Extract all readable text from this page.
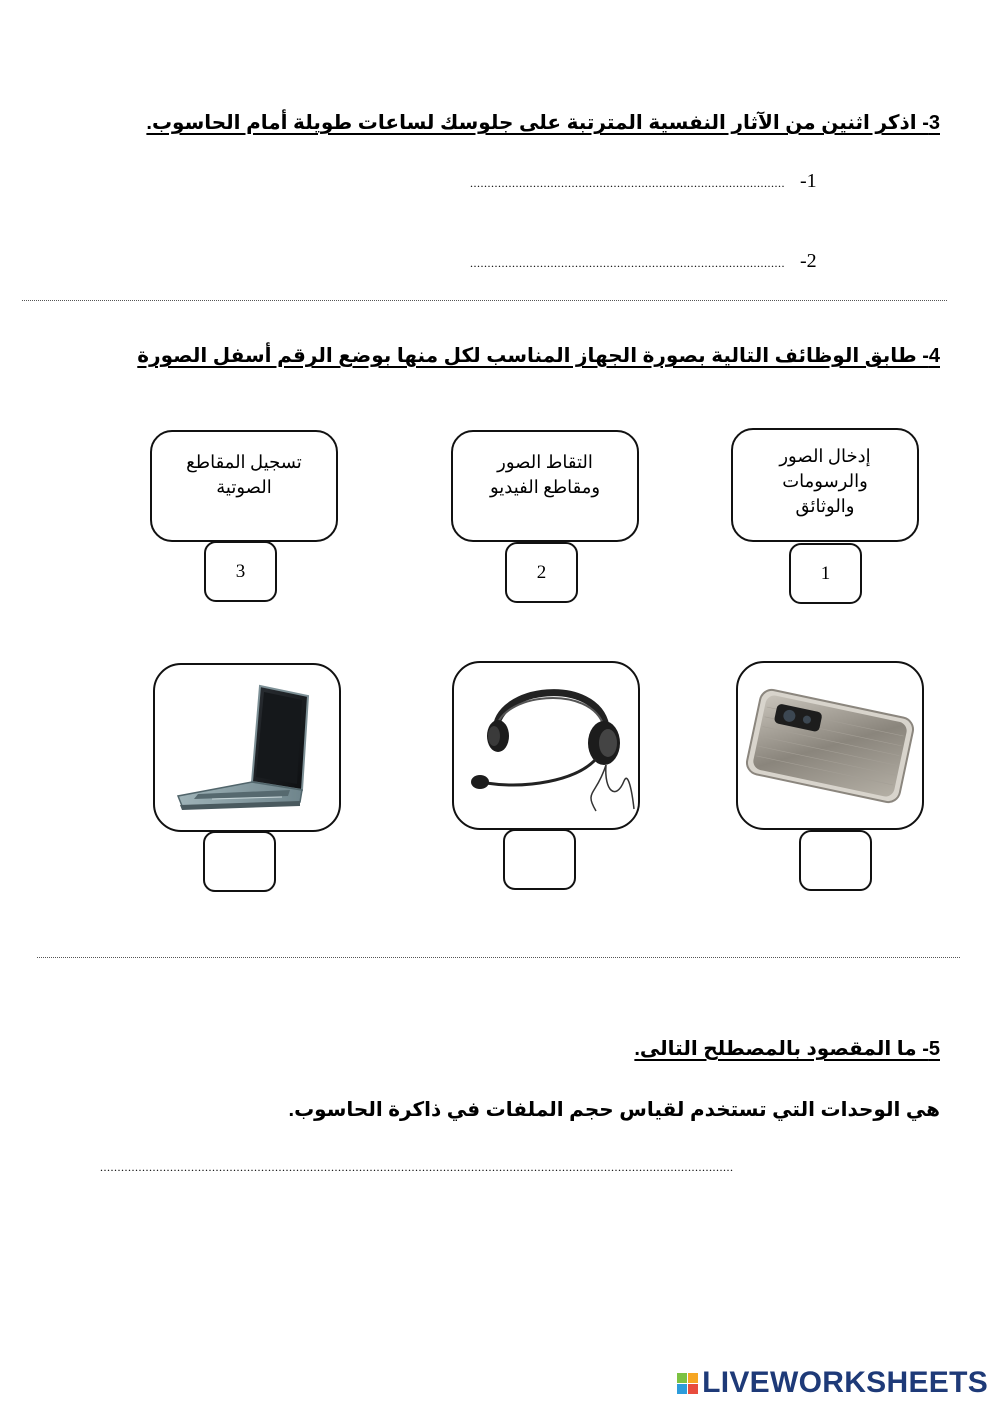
3- اذكر اثنين من الآثار النفسية المترتبة على جلوسك لساعات طويلة أمام الحاسوب.
.......................................................................................... -1
.......................................................................................... -2
4- طابق الوظائف التالية بصورة الجهاز المناسب لكل منها بوضع الرقم أسفل الصورة
تسجيل المقاطع الصوتية
التقاط الصور ومقاطع الفيديو
إدخال الصور والرسومات والوثائق
3	2	1
5- ما المقصود بالمصطلح التالى.
هي الوحدات التي تستخدم لقياس حجم الملفات في ذاكرة الحاسوب.
.....................................................................................................................................................................................
LIVEWORKSHEETS
